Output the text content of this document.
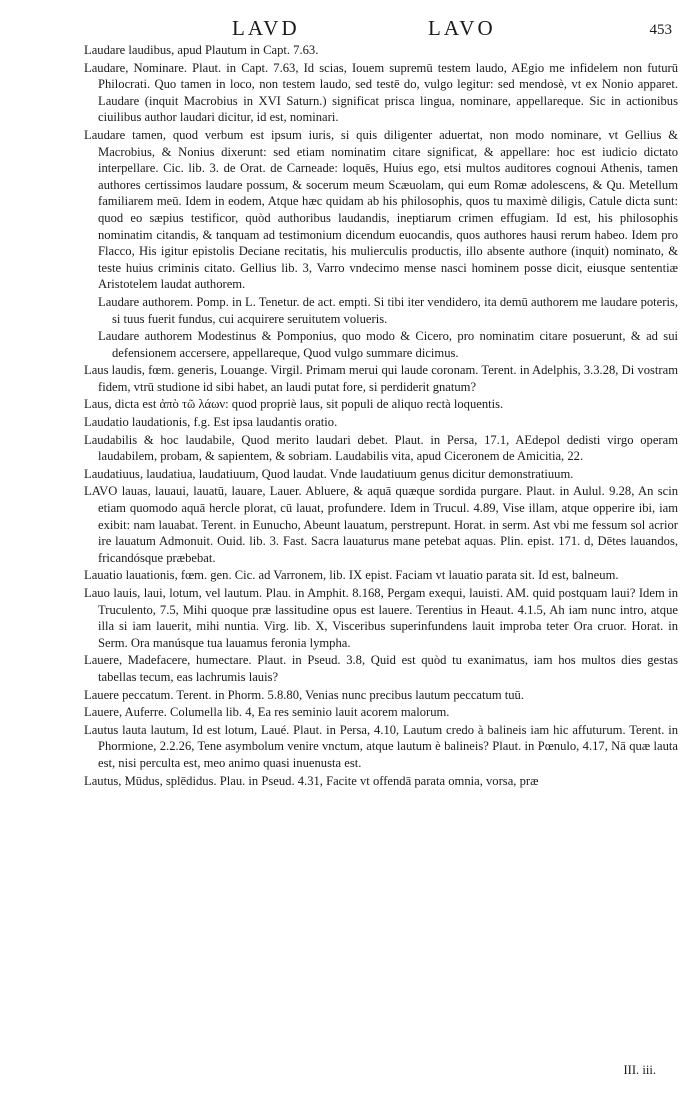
LAVD	LAVO	453

Laudare laudibus, apud Plautum in Capt. 7.63.

Laudare, Nominare. Plaut. in Capt. 7.63, Id scias, Iouem supremū testem laudo, AEgio me infidelem non futurū Philocrati. Quo tamen in loco, non testem laudo, sed testē do, vulgo legitur: sed mendosè, vt ex Nonio apparet. Laudare (inquit Macrobius in XVI Saturn.) significat prisca lingua, nominare, appellareque. Sic in actionibus ciuilibus author laudari dicitur, id est, nominari.

Laudare tamen, quod verbum est ipsum iuris, si quis diligenter aduertat, non modo nominare, vt Gellius & Macrobius, & Nonius dixerunt: sed etiam nominatim citare significat, & appellare: hoc est iudicio dictato interpellare. Cic. lib. 3. de Orat. de Carneade: loquēs, Huius ego, etsi multos auditores cognoui Athenis, tamen authores certissimos laudare possum, & socerum meum Scæuolam, qui eum Romæ adolescens, & Qu. Metellum familiarem meū. Idem in eodem, Atque hæc quidam ab his philosophis, quos tu maximè diligis, Catule dicta sunt: quod eo sæpius testificor, quòd authoribus laudandis, ineptiarum crimen effugiam. Id est, his philosophis nominatim citandis, & tanquam ad testimonium dicendum euocandis, quos authores hausi rerum habeo. Idem pro Flacco, His igitur epistolis Deciane recitatis, his mulierculis productis, illo absente authore (inquit) nominato, & teste huius criminis citato. Gellius lib. 3, Varro vndecimo mense nasci hominem posse dicit, eiusque sententiæ Aristotelem laudat authorem.

Laudare authorem. Pomp. in L. Tenetur. de act. empti. Si tibi iter vendidero, ita demū authorem me laudare poteris, si tuus fuerit fundus, cui acquirere seruitutem volueris.

Laudare authorem Modestinus & Pomponius, quo modo & Cicero, pro nominatim citare posuerunt, & ad sui defensionem accersere, appellareque, Quod vulgo summare dicimus.

Laus laudis, fœm. generis, Louange. Virgil. Primam merui qui laude coronam. Terent. in Adelphis, 3.3.28, Di vostram fidem, vtrū studione id sibi habet, an laudi putat fore, si perdiderit gnatum?

Laus, dicta est ἀπὸ τῶ λάων: quod propriè laus, sit populi de aliquo rectà loquentis.

Laudatio laudationis, f.g. Est ipsa laudantis oratio.

Laudabilis & hoc laudabile, Quod merito laudari debet. Plaut. in Persa, 17.1, AEdepol dedisti virgo operam laudabilem, probam, & sapientem, & sobriam. Laudabilis vita, apud Ciceronem de Amicitia, 22.

Laudatiuus, laudatiua, laudatiuum, Quod laudat. Vnde laudatiuum genus dicitur demonstratiuum.

LAVO lauas, lauaui, lauatū, lauare, Lauer. Abluere, & aquā quæque sordida purgare. Plaut. in Aulul. 9.28, An scin etiam quomodo aquā hercle plorat, cū lauat, profundere. Idem in Trucul. 4.89, Vise illam, atque opperire ibi, iam exibit: nam lauabat. Terent. in Eunucho, Abeunt lauatum, perstrepunt. Horat. in serm. Ast vbi me fessum sol acrior ire lauatum Admonuit. Ouid. lib. 3. Fast. Sacra lauaturus mane petebat aquas. Plin. epist. 171. d, Dētes lauandos, fricandósque præbebat.

Lauatio lauationis, fœm. gen. Cic. ad Varronem, lib. IX epist. Faciam vt lauatio parata sit. Id est, balneum.

Lauo lauis, laui, lotum, vel lautum. Plau. in Amphit. 8.168, Pergam exequi, lauisti. AM. quid postquam laui? Idem in Truculento, 7.5, Mihi quoque præ lassitudine opus est lauere. Terentius in Heaut. 4.1.5, Ah iam nunc intro, atque illa si iam lauerit, mihi nuntia. Virg. lib. X, Visceribus superinfundens lauit improba teter Ora cruor. Horat. in Serm. Ora manúsque tua lauamus feronia lympha.

Lauere, Madefacere, humectare. Plaut. in Pseud. 3.8, Quid est quòd tu exanimatus, iam hos multos dies gestas tabellas tecum, eas lachrumis lauis?

Lauere peccatum. Terent. in Phorm. 5.8.80, Venias nunc precibus lautum peccatum tuū.

Lauere, Auferre. Columella lib. 4, Ea res seminio lauit acorem malorum.

Lautus lauta lautum, Id est lotum, Laué. Plaut. in Persa, 4.10, Lautum credo à balineis iam hic affuturum. Terent. in Phormione, 2.2.26, Tene asymbolum venire vnctum, atque lautum è balineis? Plaut. in Pœnulo, 4.17, Nā quæ lauta est, nisi perculta est, meo animo quasi inuenusta est.

Lautus, Mūdus, splēdidus. Plau. in Pseud. 4.31, Facite vt offendā parata omnia, vorsa, præ

III. iii.
